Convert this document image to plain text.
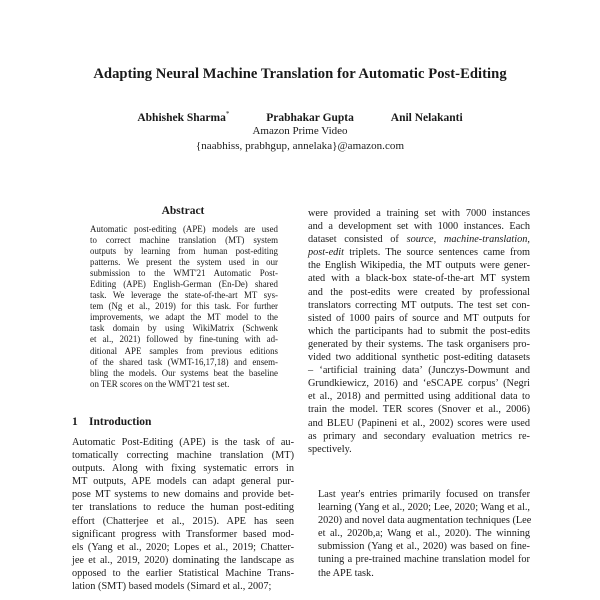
Adapting Neural Machine Translation for Automatic Post-Editing
Abhishek Sharma*	Prabhakar Gupta	Anil Nelakanti
Amazon Prime Video
{naabhiss, prabhgup, annelaka}@amazon.com
Abstract
Automatic post-editing (APE) models are used
to correct machine translation (MT) system
outputs by learning from human post-editing
patterns. We present the system used in our
submission to the WMT'21 Automatic Post-
Editing (APE) English-German (En-De) shared
task. We leverage the state-of-the-art MT sys-
tem (Ng et al., 2019) for this task. For further
improvements, we adapt the MT model to the
task domain by using WikiMatrix (Schwenk
et al., 2021) followed by fine-tuning with ad-
ditional APE samples from previous editions
of the shared task (WMT-16,17,18) and ensem-
bling the models. Our systems beat the baseline
on TER scores on the WMT'21 test set.
1 Introduction
Automatic Post-Editing (APE) is the task of au-
tomatically correcting machine translation (MT)
outputs. Along with fixing systematic errors in
MT outputs, APE models can adapt general pur-
pose MT systems to new domains and provide bet-
ter translations to reduce the human post-editing
effort (Chatterjee et al., 2015). APE has seen
significant progress with Transformer based mod-
els (Yang et al., 2020; Lopes et al., 2019; Chatter-
jee et al., 2019, 2020) dominating the landscape as
opposed to the earlier Statistical Machine Trans-
lation (SMT) based models (Simard et al., 2007;
were provided a training set with 7000 instances
and a development set with 1000 instances. Each
dataset consisted of source, machine-translation,
post-edit triplets. The source sentences came from
the English Wikipedia, the MT outputs were gener-
ated with a black-box state-of-the-art MT system
and the post-edits were created by professional
translators correcting MT outputs. The test set con-
sisted of 1000 pairs of source and MT outputs for
which the participants had to submit the post-edits
generated by their systems. The task organisers pro-
vided two additional synthetic post-editing datasets
– ‘artificial training data’ (Junczys-Dowmunt and
Grundkiewicz, 2016) and ‘eSCAPE corpus’ (Negri
et al., 2018) and permitted using additional data to
train the model. TER scores (Snover et al., 2006)
and BLEU (Papineni et al., 2002) scores were used
as primary and secondary evaluation metrics re-
spectively.
Last year's entries primarily focused on transfer
learning (Yang et al., 2020; Lee, 2020; Wang et al.,
2020) and novel data augmentation techniques (Lee
et al., 2020b,a; Wang et al., 2020). The winning
submission (Yang et al., 2020) was based on fine-
tuning a pre-trained machine translation model for
the APE task.
